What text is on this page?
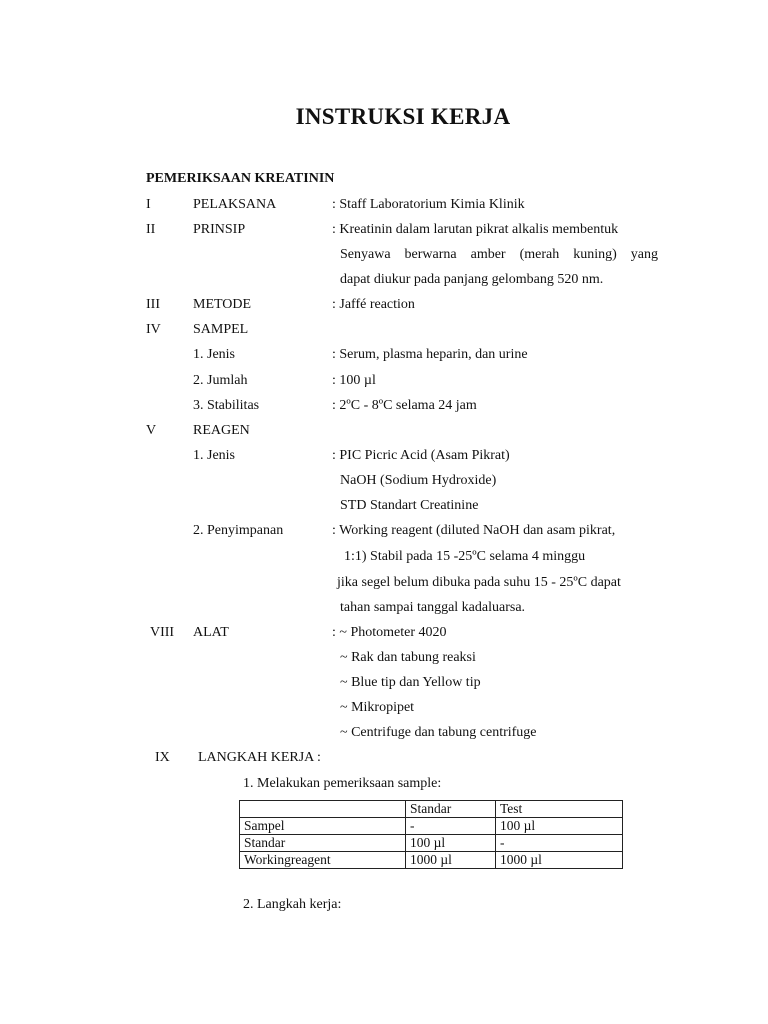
INSTRUKSI KERJA
PEMERIKSAAN KREATININ
I	PELAKSANA	: Staff Laboratorium Kimia Klinik
II	PRINSIP	: Kreatinin dalam larutan pikrat alkalis membentuk
Senyawa berwarna amber (merah kuning) yang
dapat diukur pada panjang gelombang 520 nm.
III METODE	: Jaffé reaction
IV SAMPEL
1. Jenis	: Serum, plasma heparin, dan urine
2. Jumlah	: 100 µl
3. Stabilitas	: 2ºC - 8ºC selama 24 jam
V	REAGEN
1. Jenis	: PIC Picric Acid (Asam Pikrat)
NaOH (Sodium Hydroxide)
STD Standart Creatinine
2. Penyimpanan	: Working reagent (diluted NaOH dan asam pikrat,
1:1) Stabil pada 15 -25ºC selama 4 minggu
jika segel belum dibuka pada suhu 15 - 25ºC dapat
tahan sampai tanggal kadaluarsa.
VIII ALAT	: ~ Photometer 4020
~ Rak dan tabung reaksi
~ Blue tip dan Yellow tip
~ Mikropipet
~ Centrifuge dan tabung centrifuge
IX LANGKAH KERJA :
1. Melakukan pemeriksaan sample:
	Standar	Test
Sampel	-	100 µl
Standar	100 µl	-
Workingreagent	1000 µl	1000 µl
2. Langkah kerja:
